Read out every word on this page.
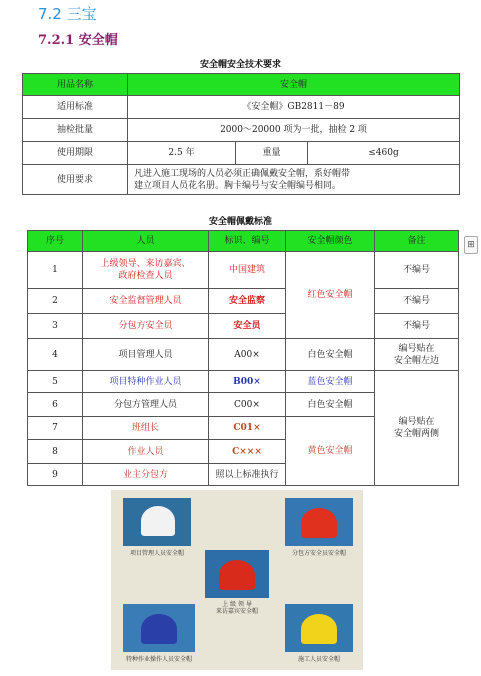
7.2 三宝
7.2.1 安全帽
安全帽安全技术要求
用品名称	安全帽		
适用标准	《安全帽》GB2811－89		
抽检批量	2000～20000 项为一批，抽检 2 项		
使用期限	2.5 年	重量	≤460g
使用要求	凡进入施工现场的人员必须正确佩戴安全帽，系好帽带
建立项目人员花名册。胸卡编号与安全帽编号相同。		
安全帽佩戴标准
序号	人员	标识、编号	安全帽颜色	备注
1	上级领导、来访嘉宾、
政府检查人员	中国建筑	红色安全帽	不编号
2	安全监督管理人员	安全监察		不编号
3	分包方安全员	安全员		不编号
4	项目管理人员	A00×	白色安全帽	编号贴在
安全帽左边

5	项目特种作业人员	B00×	蓝色安全帽	编号贴在
安全帽两侧

6	分包方管理人员	C00×	白色安全帽	
7	班组长	C01×	黄色安全帽	
8	作业人员	C×××		
9	业主分包方	照以上标准执行		
⊞
项目管理人员安全帽	分包方安全员安全帽
上 级 领 导
来访嘉宾安全帽
特种作业操作人员安全帽	施工人员安全帽
